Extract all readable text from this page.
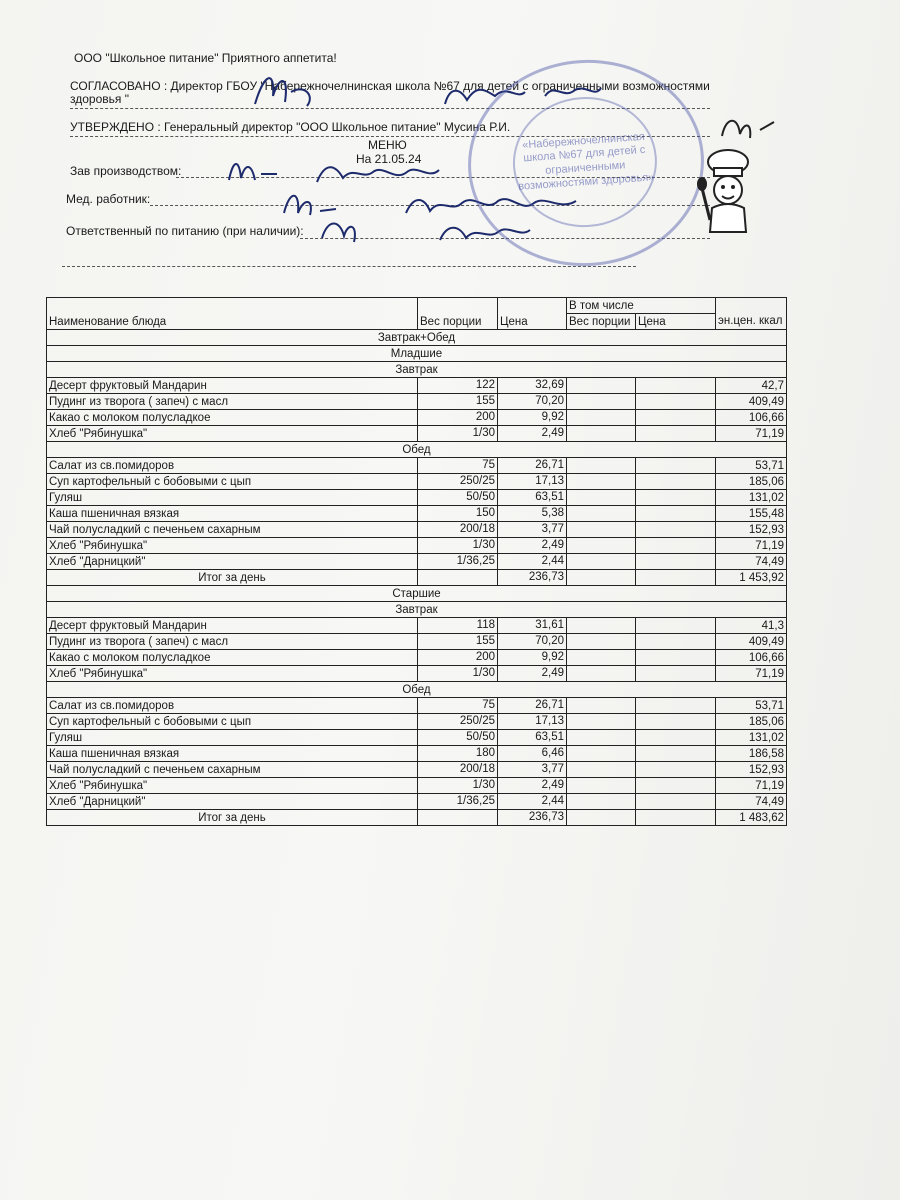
ООО "Школьное питание" Приятного аппетита!
СОГЛАСОВАНО : Директор ГБОУ "Набережночелнинская школа №67 для детей с ограниченными возможностями
здоровья "
УТВЕРЖДЕНО : Генеральный директор "ООО Школьное питание" Мусина Р.И.
МЕНЮ
На 21.05.24
Зав производством:
Мед. работник:
Ответственный по питанию (при наличии):
«Набережночелнинская школа №67 для детей с ограниченными возможностями здоровья»
Наименование блюда	Вес порции	Цена	В том числе		эн.цен. ккал
			Вес порции	Цена	
Завтрак+Обед					
Младшие					
Завтрак					
Десерт фруктовый Мандарин	122	32,69			42,7
Пудинг из творога ( запеч) с масл	155	70,20			409,49
Какао с молоком полусладкое	200	9,92			106,66
Хлеб "Рябинушка"	1/30	2,49			71,19
Обед					
Салат из св.помидоров	75	26,71			53,71
Суп картофельный с бобовыми с цып	250/25	17,13			185,06
Гуляш	50/50	63,51			131,02
Каша пшеничная вязкая	150	5,38			155,48
Чай полусладкий с печеньем сахарным	200/18	3,77			152,93
Хлеб "Рябинушка"	1/30	2,49			71,19
Хлеб "Дарницкий"	1/36,25	2,44			74,49
Итог за день		236,73			1 453,92
Старшие					
Завтрак					
Десерт фруктовый Мандарин	118	31,61			41,3
Пудинг из творога ( запеч) с масл	155	70,20			409,49
Какао с молоком полусладкое	200	9,92			106,66
Хлеб "Рябинушка"	1/30	2,49			71,19
Обед					
Салат из св.помидоров	75	26,71			53,71
Суп картофельный с бобовыми с цып	250/25	17,13			185,06
Гуляш	50/50	63,51			131,02
Каша пшеничная вязкая	180	6,46			186,58
Чай полусладкий с печеньем сахарным	200/18	3,77			152,93
Хлеб "Рябинушка"	1/30	2,49			71,19
Хлеб "Дарницкий"	1/36,25	2,44			74,49
Итог за день		236,73			1 483,62
